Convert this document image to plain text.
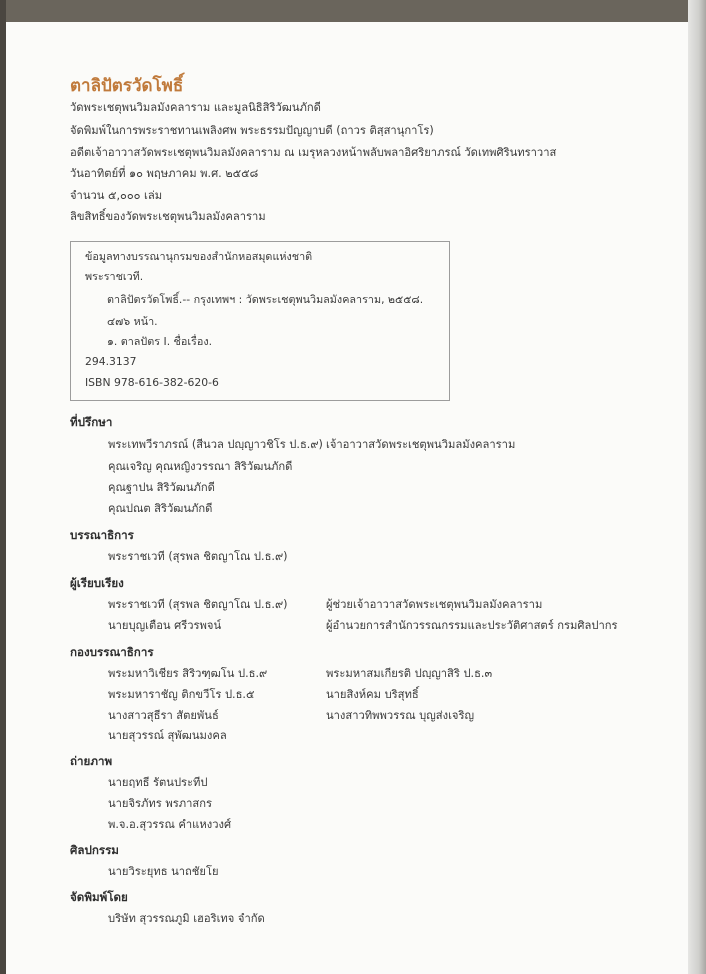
ตาลิปัตรวัดโพธิ์
วัดพระเชตุพนวิมลมังคลาราม และมูลนิธิสิริวัฒนภักดี
จัดพิมพ์ในการพระราชทานเพลิงศพ พระธรรมปัญญาบดี (ถาวร ติสฺสานุกาโร)
อดีตเจ้าอาวาสวัดพระเชตุพนวิมลมังคลาราม ณ เมรุหลวงหน้าพลับพลาอิศริยาภรณ์ วัดเทพศิรินทราวาส
วันอาทิตย์ที่ ๑๐ พฤษภาคม พ.ศ. ๒๕๕๘
จำนวน ๕,๐๐๐ เล่ม
ลิขสิทธิ์ของวัดพระเชตุพนวิมลมังคลาราม
ข้อมูลทางบรรณานุกรมของสำนักหอสมุดแห่งชาติ
พระราชเวที.
ตาลิปัตรวัดโพธิ์.-- กรุงเทพฯ : วัดพระเชตุพนวิมลมังคลาราม, ๒๕๕๘.
๔๗๖ หน้า.
๑. ตาลปัตร I. ชื่อเรื่อง.
294.3137
ISBN 978-616-382-620-6
ที่ปรึกษา
พระเทพวีราภรณ์ (สีนวล ปญฺญาวชิโร ป.ธ.๙) เจ้าอาวาสวัดพระเชตุพนวิมลมังคลาราม
คุณเจริญ คุณหญิงวรรณา สิริวัฒนภักดี
คุณฐาปน สิริวัฒนภักดี
คุณปณต สิริวัฒนภักดี
บรรณาธิการ
พระราชเวที (สุรพล ชิตญาโณ ป.ธ.๙)
ผู้เรียบเรียง
พระราชเวที (สุรพล ชิตญาโณ ป.ธ.๙)	ผู้ช่วยเจ้าอาวาสวัดพระเชตุพนวิมลมังคลาราม
นายบุญเตือน ศรีวรพจน์	ผู้อำนวยการสำนักวรรณกรรมและประวัติศาสตร์ กรมศิลปากร
กองบรรณาธิการ
พระมหาวิเชียร สิริวฑฺฒโน ป.ธ.๙	พระมหาสมเกียรติ ปญฺญาสิริ ป.ธ.๓
พระมหาราชัญ ติกขวีโร ป.ธ.๕	นายสิงห์คม บริสุทธิ์
นางสาวสุธีรา สัตยพันธ์	นางสาวทิพพวรรณ บุญส่งเจริญ
นายสุวรรณ์ สุพัฒนมงคล
ถ่ายภาพ
นายฤทธี รัตนประทีป
นายจิรภัทร พรภาสกร
พ.จ.อ.สุวรรณ คำแหงวงศ์
ศิลปกรรม
นายวิระยุทธ นาถชัยโย
จัดพิมพ์โดย
บริษัท สุวรรณภูมิ เฮอริเทจ จำกัด
